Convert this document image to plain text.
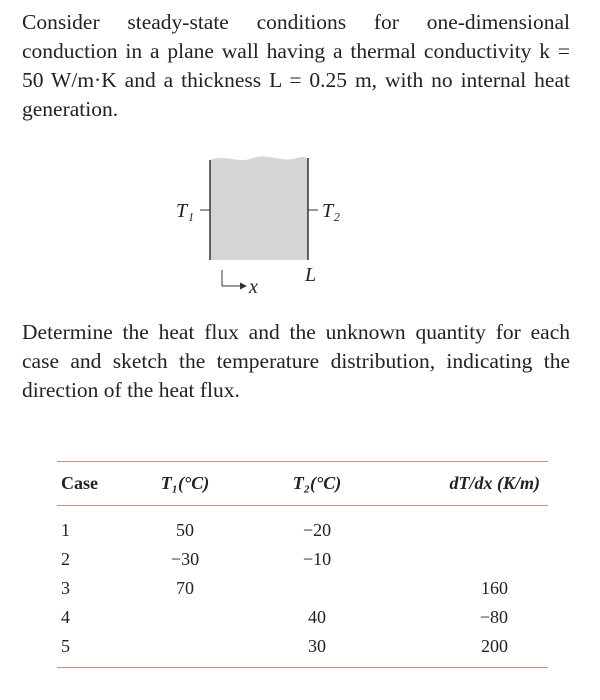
Consider steady-state conditions for one-dimensional conduction in a plane wall having a thermal conductivity k = 50 W/m·K and a thickness L = 0.25 m, with no internal heat generation.
T₁	T₂
x
L
Determine the heat flux and the unknown quantity for each case and sketch the temperature distribution, indicating the direction of the heat flux.
Case	T₁(°C)	T₂(°C)	dT/dx (K/m)
1	50	−20	
2	−30	−10	
3	70		160
4		40	−80
5		30	200
